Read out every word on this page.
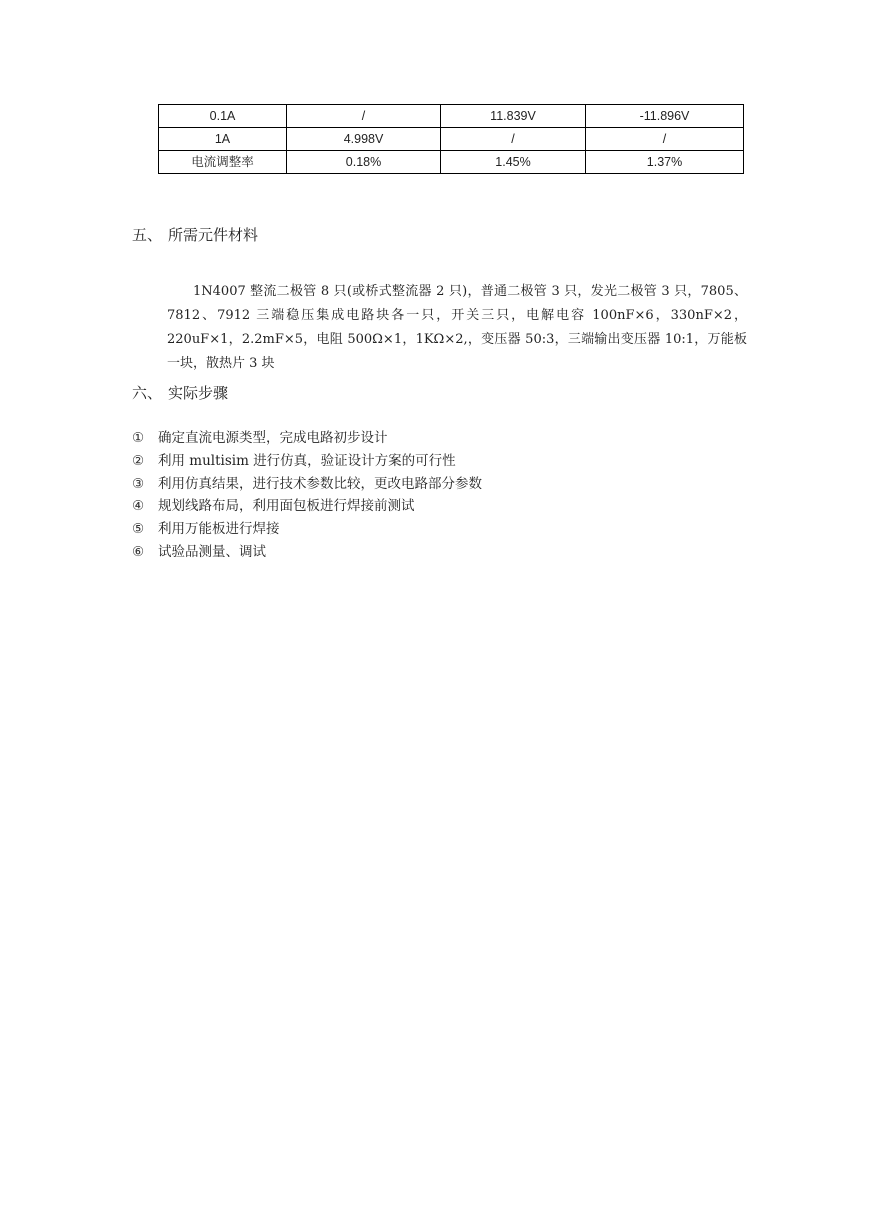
0.1A	/	11.839V	-11.896V
1A	4.998V	/	/
电流调整率	0.18%	1.45%	1.37%
五、 所需元件材料

1N4007 整流二极管 8 只(或桥式整流器 2 只)，普通二极管 3 只，发光二极管 3 只，7805、7812、7912 三端稳压集成电路块各一只，开关三只，电解电容 100nF×6，330nF×2，220uF×1，2.2mF×5，电阻 500Ω×1，1KΩ×2,，变压器 50:3，三端输出变压器 10:1，万能板一块，散热片 3 块

六、 实际步骤
① 确定直流电源类型，完成电路初步设计
② 利用 multisim 进行仿真，验证设计方案的可行性
③ 利用仿真结果，进行技术参数比较，更改电路部分参数
④ 规划线路布局，利用面包板进行焊接前测试
⑤ 利用万能板进行焊接
⑥ 试验品测量、调试
